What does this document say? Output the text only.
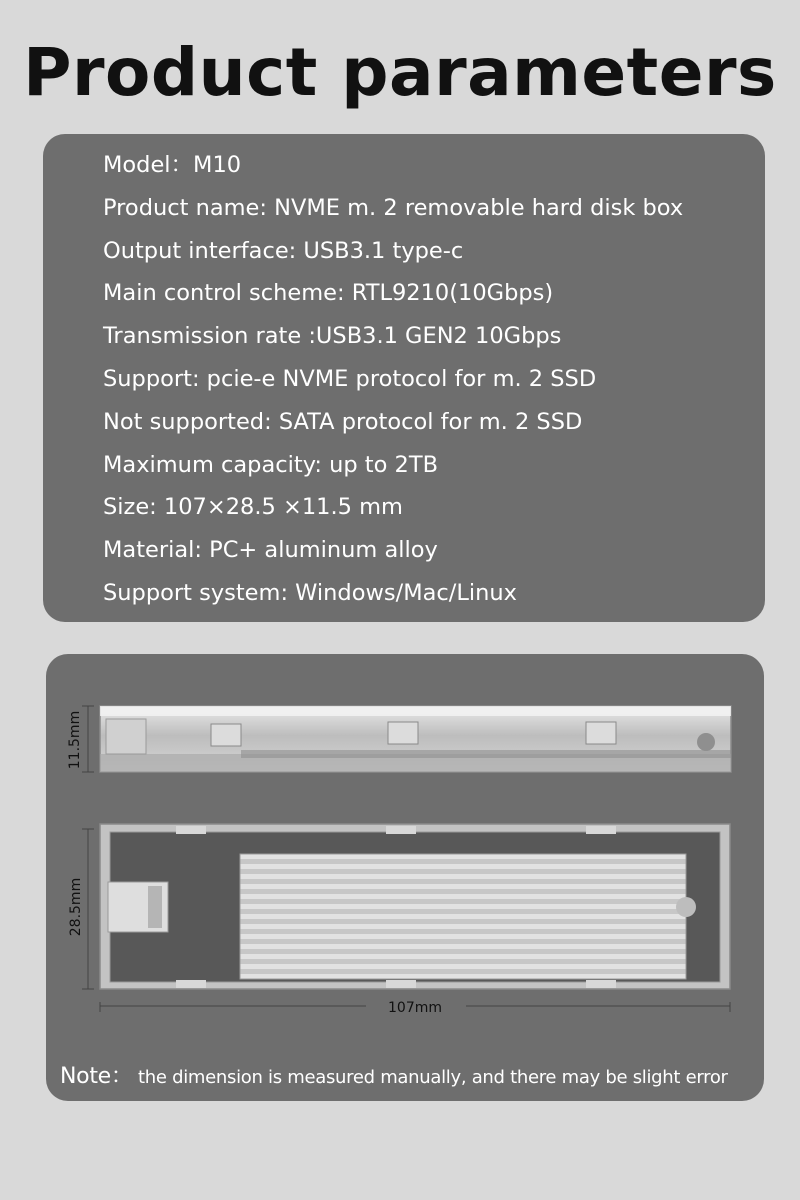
Product parameters
Model：M10
Product name: NVME m. 2 removable hard disk box
Output interface: USB3.1 type-c
Main control scheme: RTL9210(10Gbps)
Transmission rate :USB3.1 GEN2 10Gbps
Support: pcie-e NVME protocol for m. 2 SSD
Not supported: SATA protocol for m. 2 SSD
Maximum capacity: up to 2TB
Size: 107×28.5 ×11.5 mm
Material: PC+ aluminum alloy
Support system: Windows/Mac/Linux
11.5mm
28.5mm
107mm
Note： the dimension is measured manually, and there may be slight error
